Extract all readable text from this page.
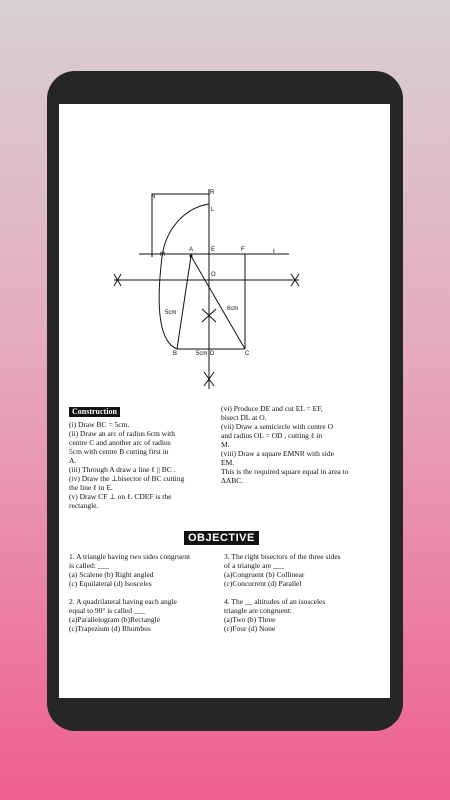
N
R
L
M
A	E	F	ℓ
O
5cm
6cm
B	5cm D	C
Construction
(i) Draw BC = 5cm.
(ii) Draw an arc of radius 6cm with
centre C and another arc of radius
5cm with centre B cutting first in
A.
(iii) Through A draw a line ℓ || BC .
(iv) Draw the ⊥bisector of BC cutting
the line ℓ in E.
(v) Draw CF ⊥ on ℓ. CDEF is the
rectangle.
(vi) Produce DE and cut EL = EF,
bisect DL at O.
(vii) Draw a semicircle with centre O
and radius OL = OD , cutting ℓ in
M.
(viii) Draw a square EMNR with side
EM.
This is the required square equal in area to
ΔABC.
OBJECTIVE
1. A triangle having two sides congruent
is called: ___
(a) Scalene (b) Right angled
(c) Equilateral (d) Isosceles
2. A quadrilateral having each angle
equal to 90° is called ___
(a)Parallelogram (b)Rectangle
(c)Trapezium (d) Rhombus
3. The right bisectors of the three sides
of a triangle are ___
(a)Congruent (b) Collinear
(c)Concurrent (d) Parallel
4. The __ altitudes of an isosceles
triangle are congruent:
(a)Two (b) Three
(c)Four (d) None
